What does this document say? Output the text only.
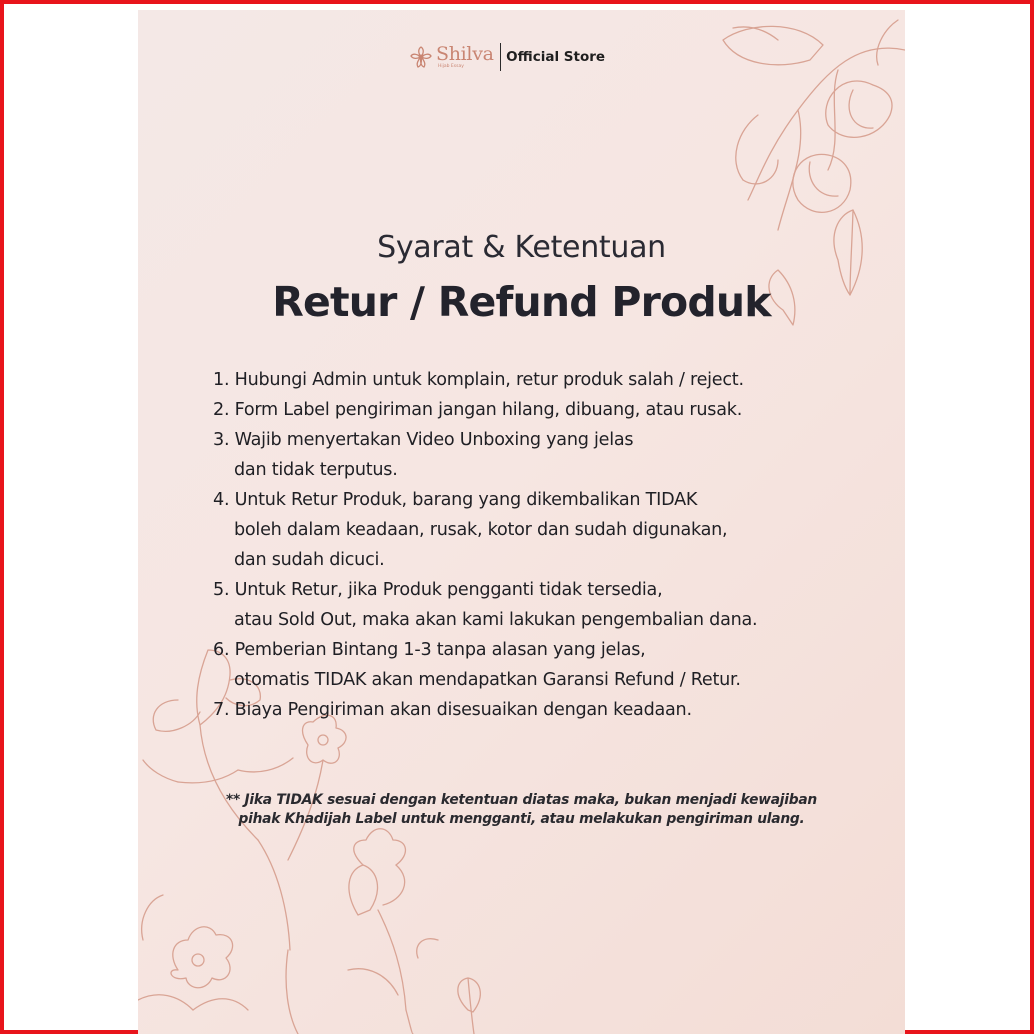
Shilva
Hijab Essay
Official Store
Syarat & Ketentuan
Retur / Refund Produk
1. Hubungi Admin untuk komplain, retur produk salah / reject.
2. Form Label pengiriman jangan hilang, dibuang, atau rusak.
3. Wajib menyertakan Video Unboxing yang jelas
dan tidak terputus.
4. Untuk Retur Produk, barang yang dikembalikan TIDAK
boleh dalam keadaan, rusak, kotor dan sudah digunakan,
dan sudah dicuci.
5. Untuk Retur, jika Produk pengganti tidak tersedia,
atau Sold Out, maka akan kami lakukan pengembalian dana.
6. Pemberian Bintang 1-3 tanpa alasan yang jelas,
otomatis TIDAK akan mendapatkan Garansi Refund / Retur.
7. Biaya Pengiriman akan disesuaikan dengan keadaan.
** Jika TIDAK sesuai dengan ketentuan diatas maka, bukan menjadi kewajiban
pihak Khadijah Label untuk mengganti, atau melakukan pengiriman ulang.
